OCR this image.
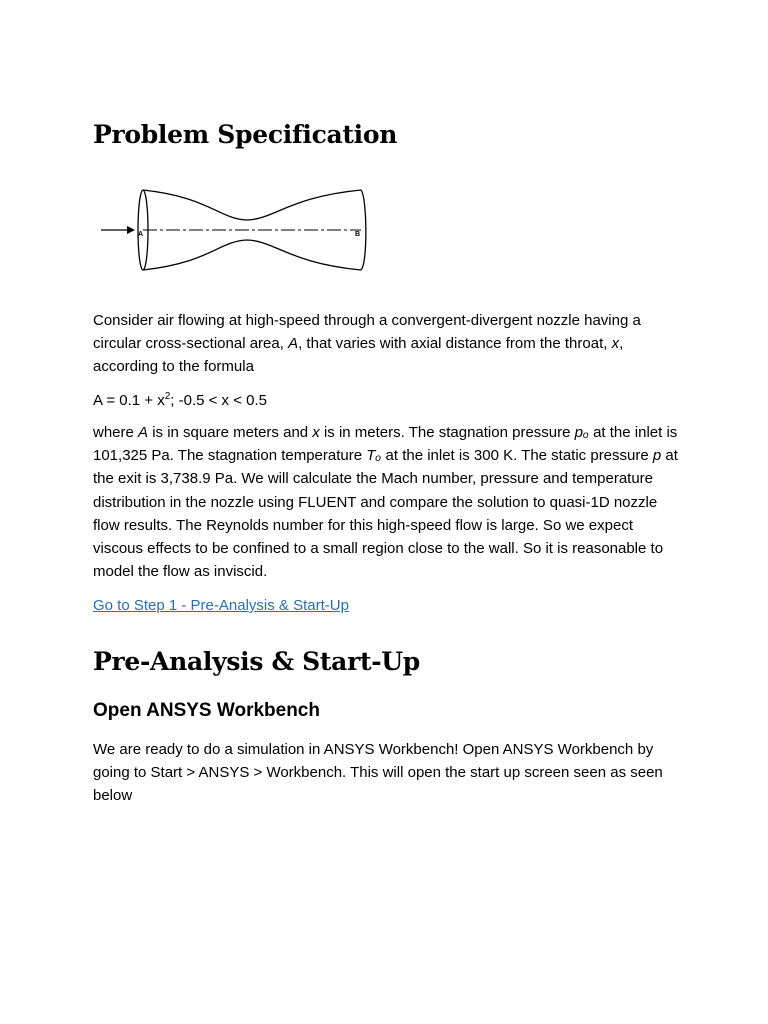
Problem Specification
A	B

Consider air flowing at high-speed through a convergent-divergent nozzle having a circular cross-sectional area, A, that varies with axial distance from the throat, x, according to the formula

$A = 0.1 + x^2$; -0.5 < x < 0.5

where A is in square meters and x is in meters. The stagnation pressure pₒ at the inlet is 101,325 Pa. The stagnation temperature Tₒ at the inlet is 300 K. The static pressure p at the exit is 3,738.9 Pa. We will calculate the Mach number, pressure and temperature distribution in the nozzle using FLUENT and compare the solution to quasi-1D nozzle flow results. The Reynolds number for this high-speed flow is large. So we expect viscous effects to be confined to a small region close to the wall. So it is reasonable to model the flow as inviscid.

Go to Step 1 - Pre-Analysis & Start-Up
Pre-Analysis & Start-Up
Open ANSYS Workbench

We are ready to do a simulation in ANSYS Workbench! Open ANSYS Workbench by going to Start > ANSYS > Workbench. This will open the start up screen seen as seen below
